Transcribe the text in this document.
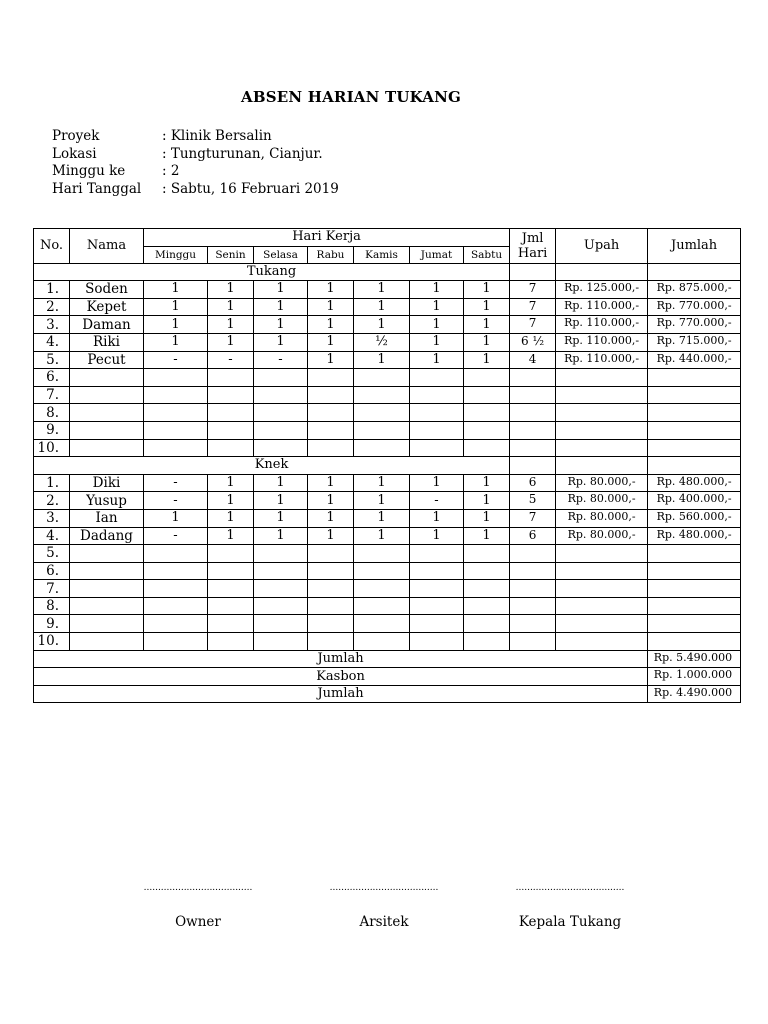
ABSEN HARIAN TUKANG
Proyek	: Klinik Bersalin
Lokasi	: Tungturunan, Cianjur.
Minggu ke	: 2
Hari Tanggal	: Sabtu, 16 Februari 2019
No.	Nama	Hari Kerja							Jml Hari	Upah	Jumlah
		Minggu	Senin	Selasa	Rabu	Kamis	Jumat	Sabtu			
Tukang											
1.	Soden	1	1	1	1	1	1	1	7	Rp. 125.000,-	Rp. 875.000,-
2.	Kepet	1	1	1	1	1	1	1	7	Rp. 110.000,-	Rp. 770.000,-
3.	Daman	1	1	1	1	1	1	1	7	Rp. 110.000,-	Rp. 770.000,-
4.	Riki	1	1	1	1	½	1	1	6 ½	Rp. 110.000,-	Rp. 715.000,-
5.	Pecut	-	-	-	1	1	1	1	4	Rp. 110.000,-	Rp. 440.000,-
6.											
7.											
8.											
9.											
10.											
Knek											
1.	Diki	-	1	1	1	1	1	1	6	Rp. 80.000,-	Rp. 480.000,-
2.	Yusup	-	1	1	1	1	-	1	5	Rp. 80.000,-	Rp. 400.000,-
3.	Ian	1	1	1	1	1	1	1	7	Rp. 80.000,-	Rp. 560.000,-
4.	Dadang	-	1	1	1	1	1	1	6	Rp. 80.000,-	Rp. 480.000,-
5.											
6.											
7.											
8.											
9.											
10.											
Jumlah											Rp. 5.490.000
Kasbon											Rp. 1.000.000
Jumlah											Rp. 4.490.000
......................................
Owner
......................................
Arsitek
......................................
Kepala Tukang
